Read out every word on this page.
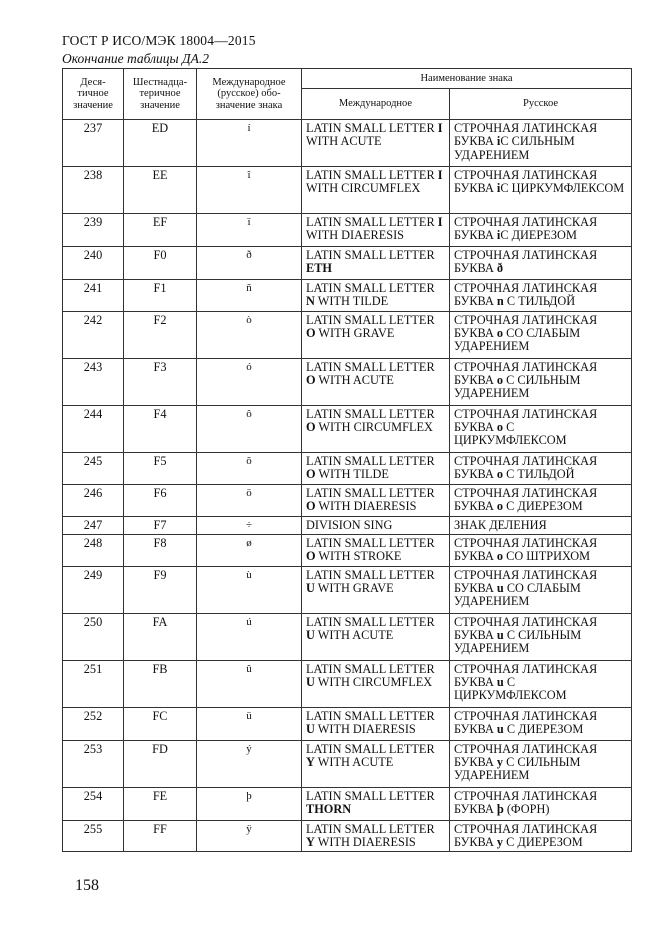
ГОСТ Р ИСО/МЭК 18004—2015
Окончание таблицы ДА.2
Деся-
тичное
значение	Шестнадца-
теричное
значение	Международное
(русское) обо-
значение знака	Наименование знака	
			Международное	Русское
237	ED	í	LATIN SMALL LETTER I WITH ACUTE	СТРОЧНАЯ ЛАТИНСКАЯ БУКВА iС СИЛЬНЫМ УДАРЕНИЕМ
238	EE	î	LATIN SMALL LETTER I WITH CIRCUMFLEX	СТРОЧНАЯ ЛАТИНСКАЯ БУКВА iС ЦИРКУМФЛЕКСОМ
239	EF	ï	LATIN SMALL LETTER I WITH DIAERESIS	СТРОЧНАЯ ЛАТИНСКАЯ БУКВА iС ДИЕРЕЗОМ
240	F0	ð	LATIN SMALL LETTER ETH	СТРОЧНАЯ ЛАТИНСКАЯ БУКВА ð
241	F1	ñ	LATIN SMALL LETTER N WITH TILDE	СТРОЧНАЯ ЛАТИНСКАЯ БУКВА n С ТИЛЬДОЙ
242	F2	ò	LATIN SMALL LETTER O WITH GRAVE	СТРОЧНАЯ ЛАТИНСКАЯ БУКВА o СО СЛАБЫМ УДАРЕНИЕМ
243	F3	ó	LATIN SMALL LETTER O WITH ACUTE	СТРОЧНАЯ ЛАТИНСКАЯ БУКВА o С СИЛЬНЫМ УДАРЕНИЕМ
244	F4	ô	LATIN SMALL LETTER O WITH CIRCUMFLEX	СТРОЧНАЯ ЛАТИНСКАЯ БУКВА o С ЦИРКУМФЛЕКСОМ
245	F5	õ	LATIN SMALL LETTER O WITH TILDE	СТРОЧНАЯ ЛАТИНСКАЯ БУКВА o С ТИЛЬДОЙ
246	F6	ö	LATIN SMALL LETTER O WITH DIAERESIS	СТРОЧНАЯ ЛАТИНСКАЯ БУКВА o С ДИЕРЕЗОМ
247	F7	÷	DIVISION SING	ЗНАК ДЕЛЕНИЯ
248	F8	ø	LATIN SMALL LETTER O WITH STROKE	СТРОЧНАЯ ЛАТИНСКАЯ БУКВА o СО ШТРИХОМ
249	F9	ù	LATIN SMALL LETTER U WITH GRAVE	СТРОЧНАЯ ЛАТИНСКАЯ БУКВА u СО СЛАБЫМ УДАРЕНИЕМ
250	FA	ú	LATIN SMALL LETTER U WITH ACUTE	СТРОЧНАЯ ЛАТИНСКАЯ БУКВА u С СИЛЬНЫМ УДАРЕНИЕМ
251	FB	û	LATIN SMALL LETTER U WITH CIRCUMFLEX	СТРОЧНАЯ ЛАТИНСКАЯ БУКВА u С ЦИРКУМФЛЕКСОМ
252	FC	ü	LATIN SMALL LETTER U WITH DIAERESIS	СТРОЧНАЯ ЛАТИНСКАЯ БУКВА u С ДИЕРЕЗОМ
253	FD	ý	LATIN SMALL LETTER Y WITH ACUTE	СТРОЧНАЯ ЛАТИНСКАЯ БУКВА y С СИЛЬНЫМ УДАРЕНИЕМ
254	FE	þ	LATIN SMALL LETTER THORN	СТРОЧНАЯ ЛАТИНСКАЯ БУКВА þ (ФОРН)
255	FF	ÿ	LATIN SMALL LETTER Y WITH DIAERESIS	СТРОЧНАЯ ЛАТИНСКАЯ БУКВА y С ДИЕРЕЗОМ
158
